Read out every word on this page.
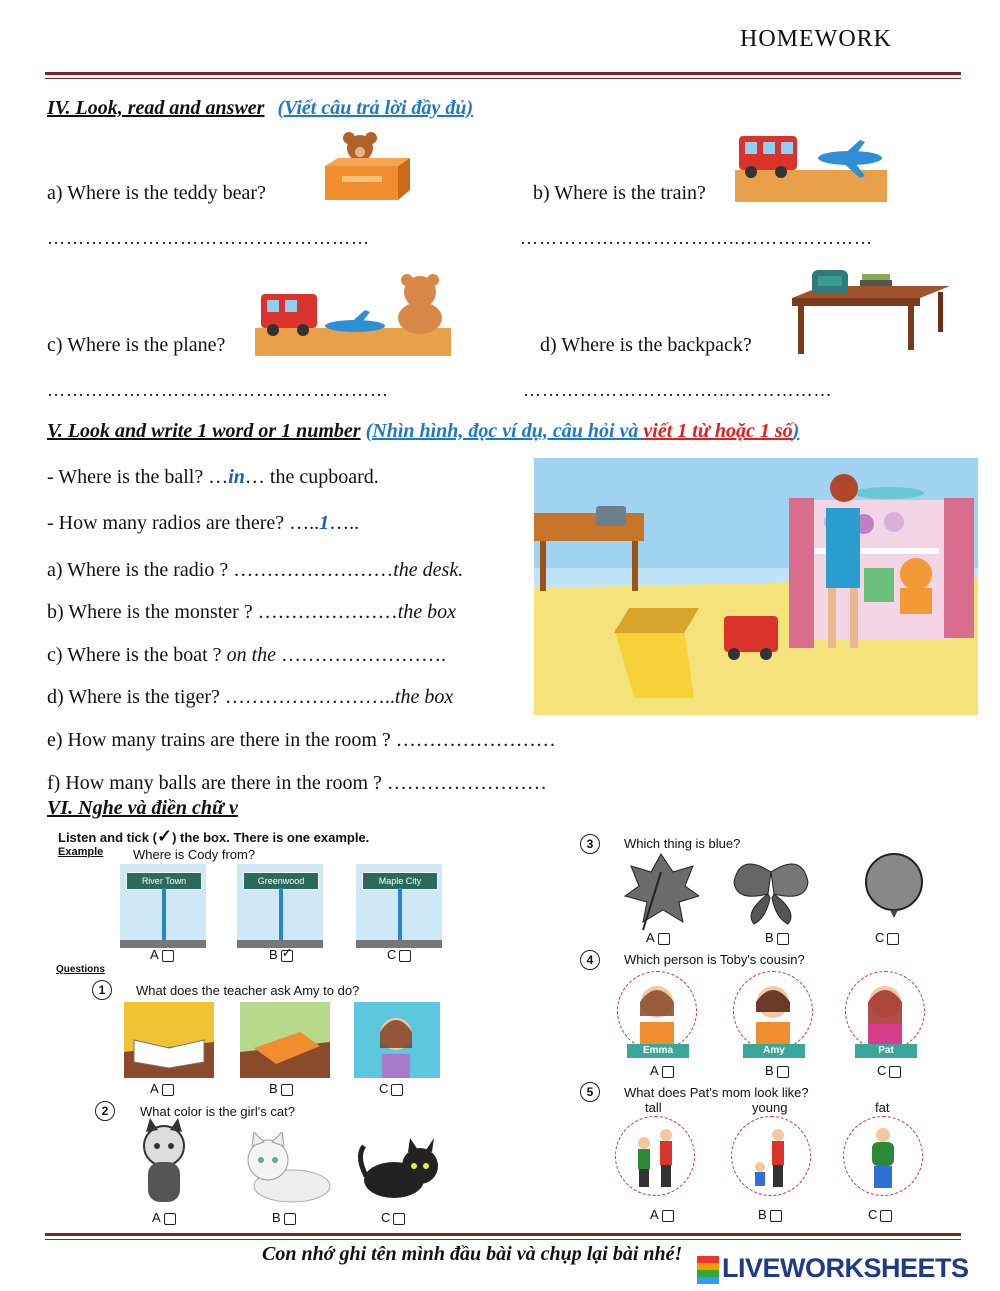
HOMEWORK
IV. Look, read and answer (Viết câu trả lời đầy đủ)
a) Where is the teddy bear?	b) Where is the train?
……………………………………………	……………………………..…………………
c) Where is the plane?	d) Where is the backpack?
………………………………………………	………………………….………………
V. Look and write 1 word or 1 number (Nhìn hình, đọc ví dụ, câu hỏi và viết 1 từ hoặc 1 số)
- Where is the ball? …in… the cupboard.
- How many radios are there? …..1…..
a) Where is the radio ? ……………………the desk.
b) Where is the monster ? …………………the box
c) Where is the boat ? on the …………………….
d) Where is the tiger? ……………………..the box
e) How many trains are there in the room ? ……………………
f) How many balls are there in the room ? ……………………
VI. Nghe và điền chữ v
Listen and tick (✓) the box. There is one example.
Example Where is Cody from?
River Town	Greenwood	Maple City
A	B ✓	C
Questions
1	What does the teacher ask Amy to do?
A	B	C
2	What color is the girl's cat?
A	B	C
3	Which thing is blue?
A	B	C
4	Which person is Toby's cousin?
Emma	Amy	Pat
A	B	C
5	What does Pat's mom look like?
tall	young	fat
A	B	C
Con nhớ ghi tên mình đầu bài và chụp lại bài nhé! LIVEWORKSHEETS
